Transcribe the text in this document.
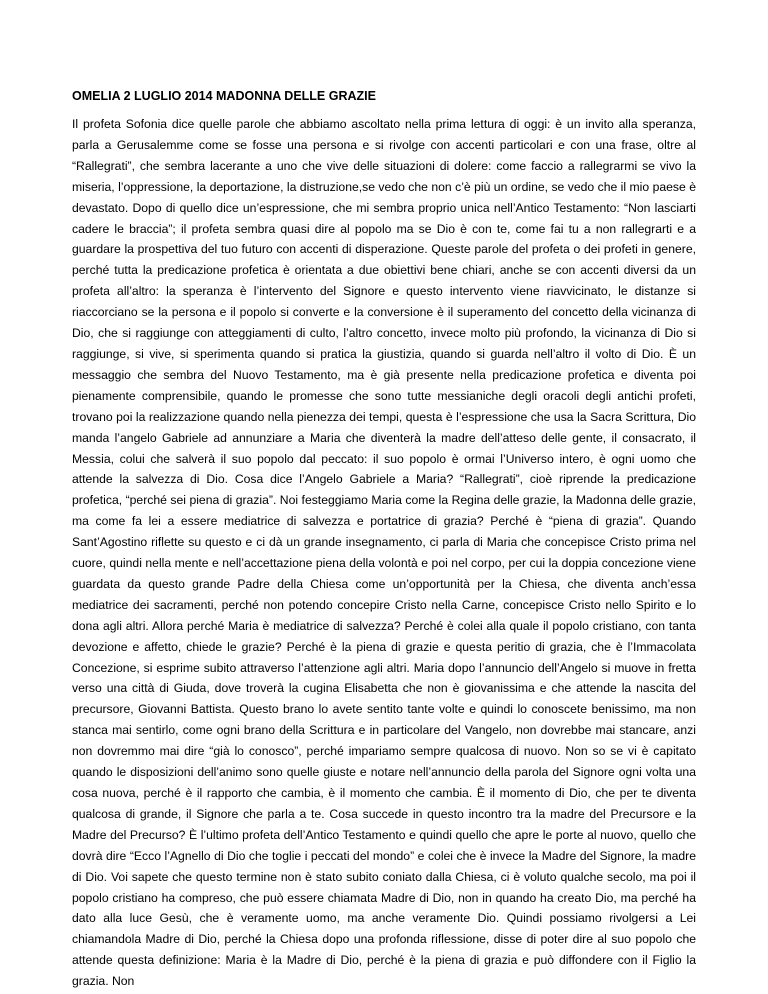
OMELIA 2 LUGLIO 2014 MADONNA DELLE GRAZIE

Il profeta Sofonia dice quelle parole che abbiamo ascoltato nella prima lettura di oggi: è un invito alla speranza, parla a Gerusalemme come se fosse una persona e si rivolge con accenti particolari e con una frase, oltre al “Rallegrati”, che sembra lacerante a uno che vive delle situazioni di dolere: come faccio a rallegrarmi se vivo la miseria, l’oppressione, la deportazione, la distruzione,se vedo che non c’è più un ordine, se vedo che il mio paese è devastato. Dopo di quello dice un’espressione, che mi sembra proprio unica nell’Antico Testamento: “Non lasciarti cadere le braccia”; il profeta sembra quasi dire al popolo ma se Dio è con te, come fai tu a non rallegrarti e a guardare la prospettiva del tuo futuro con accenti di disperazione. Queste parole del profeta o dei profeti in genere, perché tutta la predicazione profetica è orientata a due obiettivi bene chiari, anche se con accenti diversi da un profeta all’altro: la speranza è l’intervento del Signore e questo intervento viene riavvicinato, le distanze si riaccorciano se la persona e il popolo si converte e la conversione è il superamento del concetto della vicinanza di Dio, che si raggiunge con atteggiamenti di culto, l’altro concetto, invece molto più profondo, la vicinanza di Dio si raggiunge, si vive, si sperimenta quando si pratica la giustizia, quando si guarda nell’altro il volto di Dio. È un messaggio che sembra del Nuovo Testamento, ma è già presente nella predicazione profetica e diventa poi pienamente comprensibile, quando le promesse che sono tutte messianiche degli oracoli degli antichi profeti, trovano poi la realizzazione quando nella pienezza dei tempi, questa è l’espressione che usa la Sacra Scrittura, Dio manda l’angelo Gabriele ad annunziare a Maria che diventerà la madre dell’atteso delle gente, il consacrato, il Messia, colui che salverà il suo popolo dal peccato: il suo popolo è ormai l’Universo intero, è ogni uomo che attende la salvezza di Dio. Cosa dice l’Angelo Gabriele a Maria? “Rallegrati”, cioè riprende la predicazione profetica, “perché sei piena di grazia”. Noi festeggiamo Maria come la Regina delle grazie, la Madonna delle grazie, ma come fa lei a essere mediatrice di salvezza e portatrice di grazia? Perché è “piena di grazia”. Quando Sant’Agostino riflette su questo e ci dà un grande insegnamento, ci parla di Maria che concepisce Cristo prima nel cuore, quindi nella mente e nell’accettazione piena della volontà e poi nel corpo, per cui la doppia concezione viene guardata da questo grande Padre della Chiesa come un’opportunità per la Chiesa, che diventa anch’essa mediatrice dei sacramenti, perché non potendo concepire Cristo nella Carne, concepisce Cristo nello Spirito e lo dona agli altri. Allora perché Maria è mediatrice di salvezza? Perché è colei alla quale il popolo cristiano, con tanta devozione e affetto, chiede le grazie? Perché è la piena di grazie e questa peritio di grazia, che è l’Immacolata Concezione, si esprime subito attraverso l’attenzione agli altri. Maria dopo l’annuncio dell’Angelo si muove in fretta verso una città di Giuda, dove troverà la cugina Elisabetta che non è giovanissima e che attende la nascita del precursore, Giovanni Battista. Questo brano lo avete sentito tante volte e quindi lo conoscete benissimo, ma non stanca mai sentirlo, come ogni brano della Scrittura e in particolare del Vangelo, non dovrebbe mai stancare, anzi non dovremmo mai dire “già lo conosco”, perché impariamo sempre qualcosa di nuovo. Non so se vi è capitato quando le disposizioni dell’animo sono quelle giuste e notare nell’annuncio della parola del Signore ogni volta una cosa nuova, perché è il rapporto che cambia, è il momento che cambia. È il momento di Dio, che per te diventa qualcosa di grande, il Signore che parla a te. Cosa succede in questo incontro tra la madre del Precursore e la Madre del Precurso? È l’ultimo profeta dell’Antico Testamento e quindi quello che apre le porte al nuovo, quello che dovrà dire “Ecco l’Agnello di Dio che toglie i peccati del mondo” e colei che è invece la Madre del Signore, la madre di Dio. Voi sapete che questo termine non è stato subito coniato dalla Chiesa, ci è voluto qualche secolo, ma poi il popolo cristiano ha compreso, che può essere chiamata Madre di Dio, non in quando ha creato Dio, ma perché ha dato alla luce Gesù, che è veramente uomo, ma anche veramente Dio. Quindi possiamo rivolgersi a Lei chiamandola Madre di Dio, perché la Chiesa dopo una profonda riflessione, disse di poter dire al suo popolo che attende questa definizione: Maria è la Madre di Dio, perché è la piena di grazia e può diffondere con il Figlio la grazia. Non
